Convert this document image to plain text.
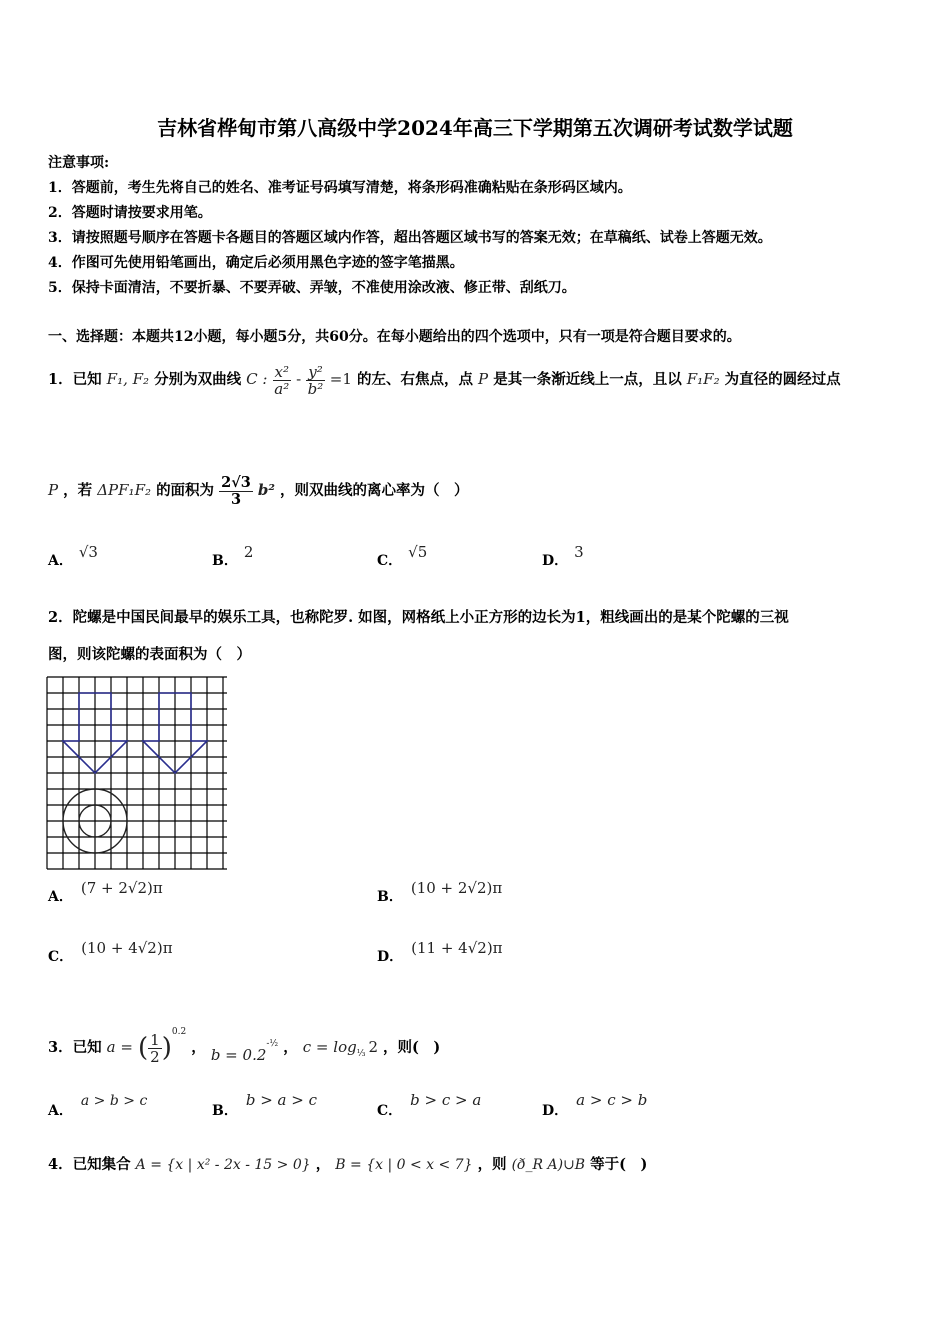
吉林省桦甸市第八高级中学2024年高三下学期第五次调研考试数学试题
注意事项:
1．答题前，考生先将自己的姓名、准考证号码填写清楚，将条形码准确粘贴在条形码区域内。
2．答题时请按要求用笔。
3．请按照题号顺序在答题卡各题目的答题区域内作答，超出答题区域书写的答案无效；在草稿纸、试卷上答题无效。
4．作图可先使用铅笔画出，确定后必须用黑色字迹的签字笔描黑。
5．保持卡面清洁，不要折暴、不要弄破、弄皱，不准使用涂改液、修正带、刮纸刀。
一、选择题：本题共12小题，每小题5分，共60分。在每小题给出的四个选项中，只有一项是符合题目要求的。
1．已知 F₁, F₂ 分别为双曲线 C : $\frac{\text{x²}}{\text{a²}} - \frac{\text{y²}}{\text{b²}} =1$ 的左、右焦点，点 P 是其一条渐近线上一点，且以 F₁F₂ 为直径的圆经过点
P ，若 ΔPF₁F₂ 的面积为 $\frac{2√3}{3} b^2$ ，则双曲线的离心率为（　）
A． √3	B． 2	C． √5	D． 3
2．陀螺是中国民间最早的娱乐工具，也称陀罗. 如图，网格纸上小正方形的边长为1，粗线画出的是某个陀螺的三视
图，则该陀螺的表面积为（　）
A． (7 + 2√2)π	B． (10 + 2√2)π
C． (10 + 4√2)π	D． (11 + 4√2)π
3．已知 a = ( $\frac{1}{2} )^{0.2}$ ， $b = 0.2^{-\frac{1}{2}}$ ， $c = \log_{\frac{1}{3}} 2$ ，则(　)
A．a > b > c
B．b > a > c
C．b > c > a
D．a > c > b
4．已知集合 A = {x | x² - 2x - 15 > 0} ， B = {x | 0 < x < 7} ，则 (ð_R A)∪B 等于(　)
